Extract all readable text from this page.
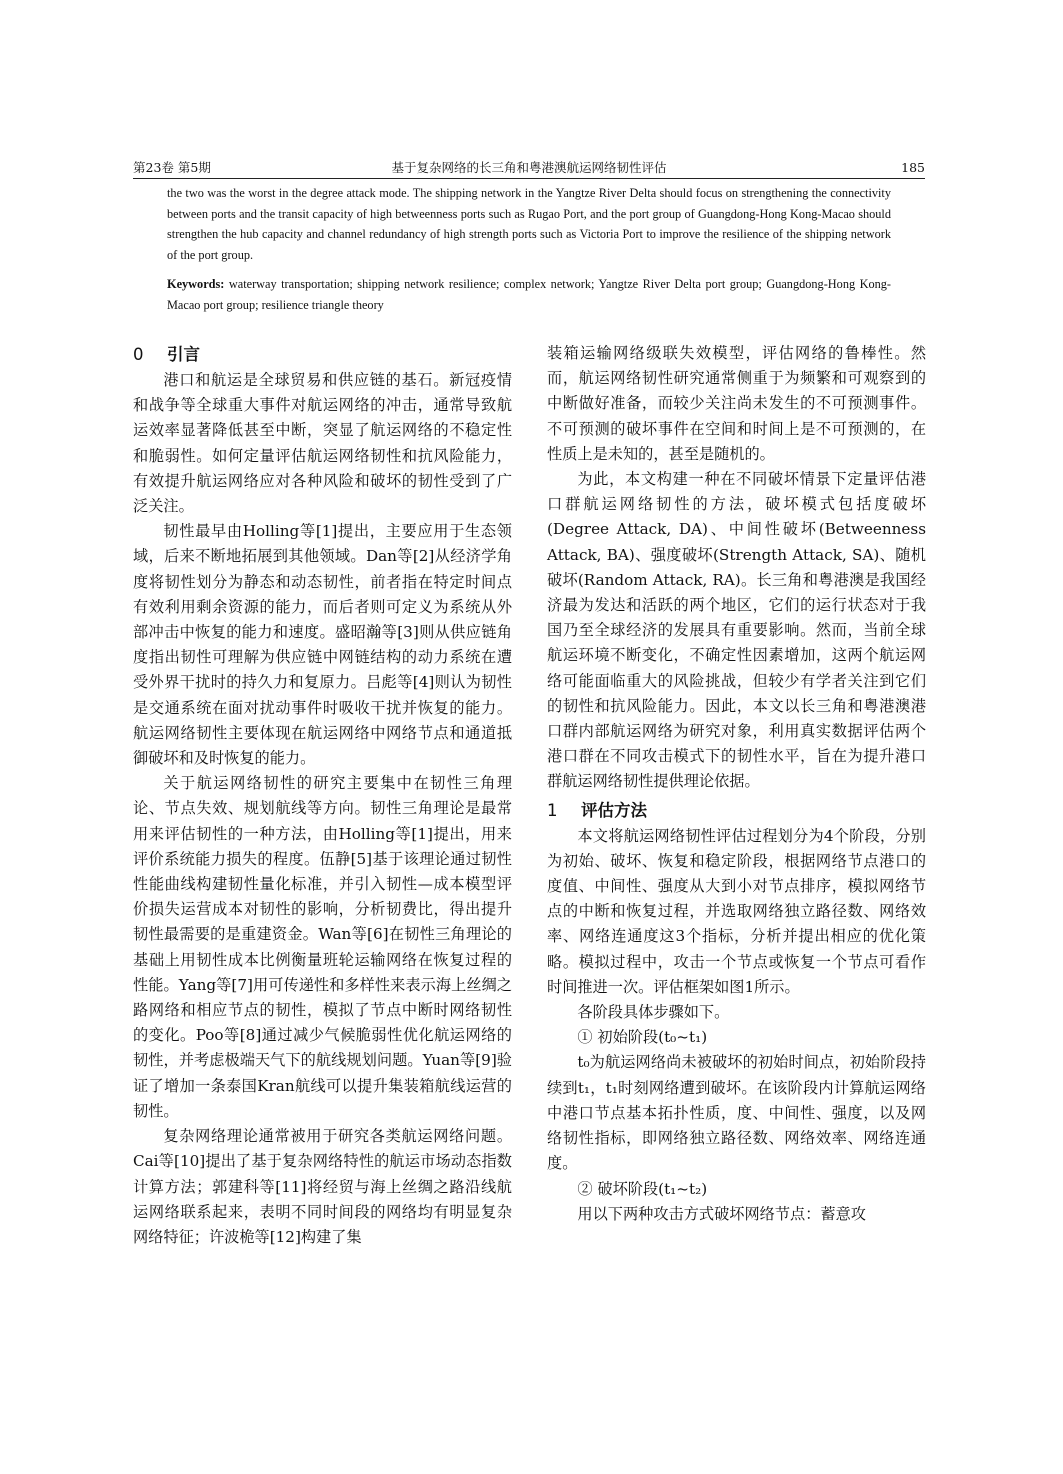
第23卷 第5期	基于复杂网络的长三角和粤港澳航运网络韧性评估	185

the two was the worst in the degree attack mode. The shipping network in the Yangtze River Delta should focus on strengthening the connectivity between ports and the transit capacity of high betweenness ports such as Rugao Port, and the port group of Guangdong-Hong Kong-Macao should strengthen the hub capacity and channel redundancy of high strength ports such as Victoria Port to improve the resilience of the shipping network of the port group.

Keywords: waterway transportation; shipping network resilience; complex network; Yangtze River Delta port group; Guangdong-Hong Kong-Macao port group; resilience triangle theory

0 引言

港口和航运是全球贸易和供应链的基石。新冠疫情和战争等全球重大事件对航运网络的冲击，通常导致航运效率显著降低甚至中断，突显了航运网络的不稳定性和脆弱性。如何定量评估航运网络韧性和抗风险能力，有效提升航运网络应对各种风险和破坏的韧性受到了广泛关注。

韧性最早由Holling等[1]提出，主要应用于生态领域，后来不断地拓展到其他领域。Dan等[2]从经济学角度将韧性划分为静态和动态韧性，前者指在特定时间点有效利用剩余资源的能力，而后者则可定义为系统从外部冲击中恢复的能力和速度。盛昭瀚等[3]则从供应链角度指出韧性可理解为供应链中网链结构的动力系统在遭受外界干扰时的持久力和复原力。吕彪等[4]则认为韧性是交通系统在面对扰动事件时吸收干扰并恢复的能力。航运网络韧性主要体现在航运网络中网络节点和通道抵御破坏和及时恢复的能力。

关于航运网络韧性的研究主要集中在韧性三角理论、节点失效、规划航线等方向。韧性三角理论是最常用来评估韧性的一种方法，由Holling等[1]提出，用来评价系统能力损失的程度。伍静[5]基于该理论通过韧性性能曲线构建韧性量化标准，并引入韧性—成本模型评价损失运营成本对韧性的影响，分析韧费比，得出提升韧性最需要的是重建资金。Wan等[6]在韧性三角理论的基础上用韧性成本比例衡量班轮运输网络在恢复过程的性能。Yang等[7]用可传递性和多样性来表示海上丝绸之路网络和相应节点的韧性，模拟了节点中断时网络韧性的变化。Poo等[8]通过减少气候脆弱性优化航运网络的韧性，并考虑极端天气下的航线规划问题。Yuan等[9]验证了增加一条泰国Kran航线可以提升集装箱航线运营的韧性。

复杂网络理论通常被用于研究各类航运网络问题。Cai等[10]提出了基于复杂网络特性的航运市场动态指数计算方法；郭建科等[11]将经贸与海上丝绸之路沿线航运网络联系起来，表明不同时间段的网络均有明显复杂网络特征；许波桅等[12]构建了集

装箱运输网络级联失效模型，评估网络的鲁棒性。然而，航运网络韧性研究通常侧重于为频繁和可观察到的中断做好准备，而较少关注尚未发生的不可预测事件。不可预测的破坏事件在空间和时间上是不可预测的，在性质上是未知的，甚至是随机的。

为此，本文构建一种在不同破坏情景下定量评估港口群航运网络韧性的方法，破坏模式包括度破坏(Degree Attack, DA)、中间性破坏(Betweenness Attack, BA)、强度破坏(Strength Attack, SA)、随机破坏(Random Attack, RA)。长三角和粤港澳是我国经济最为发达和活跃的两个地区，它们的运行状态对于我国乃至全球经济的发展具有重要影响。然而，当前全球航运环境不断变化，不确定性因素增加，这两个航运网络可能面临重大的风险挑战，但较少有学者关注到它们的韧性和抗风险能力。因此，本文以长三角和粤港澳港口群内部航运网络为研究对象，利用真实数据评估两个港口群在不同攻击模式下的韧性水平，旨在为提升港口群航运网络韧性提供理论依据。

1 评估方法

本文将航运网络韧性评估过程划分为4个阶段，分别为初始、破坏、恢复和稳定阶段，根据网络节点港口的度值、中间性、强度从大到小对节点排序，模拟网络节点的中断和恢复过程，并选取网络独立路径数、网络效率、网络连通度这3个指标，分析并提出相应的优化策略。模拟过程中，攻击一个节点或恢复一个节点可看作时间推进一次。评估框架如图1所示。

各阶段具体步骤如下。

① 初始阶段(t₀~t₁)

t₀为航运网络尚未被破坏的初始时间点，初始阶段持续到t₁，t₁时刻网络遭到破坏。在该阶段内计算航运网络中港口节点基本拓扑性质，度、中间性、强度，以及网络韧性指标，即网络独立路径数、网络效率、网络连通度。

② 破坏阶段(t₁~t₂)

用以下两种攻击方式破坏网络节点：蓄意攻
